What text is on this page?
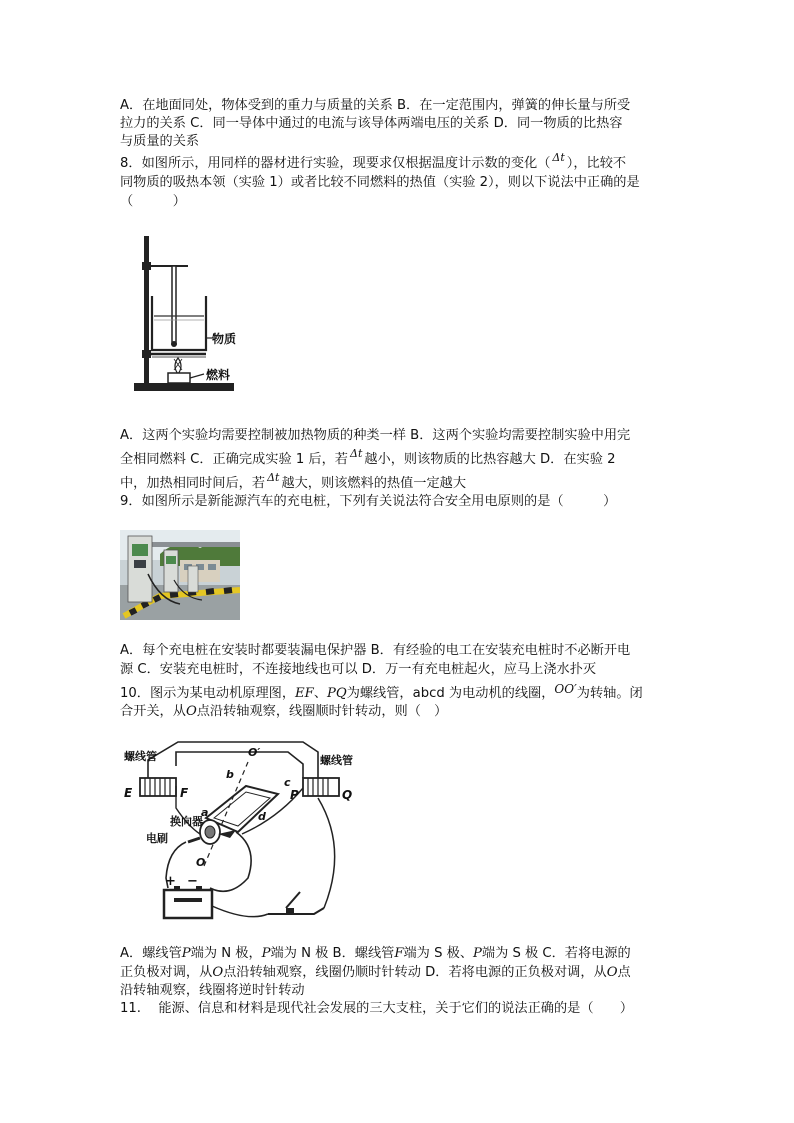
A．在地面同处，物体受到的重力与质量的关系 B．在一定范围内，弹簧的伸长量与所受
拉力的关系 C．同一导体中通过的电流与该导体两端电压的关系 D．同一物质的比热容
与质量的关系
8．如图所示，用同样的器材进行实验，现要求仅根据温度计示数的变化（ $^{\Delta t}$ ），比较不
同物质的吸热本领（实验 1）或者比较不同燃料的热值（实验 2），则以下说法中正确的是
（　　　）
物质
燃料
A．这两个实验均需要控制被加热物质的种类一样 B．这两个实验均需要控制实验中用完
全相同燃料 C．正确完成实验 1 后，若 $^{\Delta t}$ 越小，则该物质的比热容越大 D．在实验 2
中，加热相同时间后，若 $^{\Delta t}$ 越大，则该燃料的热值一定越大
9．如图所示是新能源汽车的充电桩，下列有关说法符合安全用电原则的是（　　　）
A．每个充电桩在安装时都要装漏电保护器 B．有经验的电工在安装充电桩时不必断开电
源 C．安装充电桩时，不连接地线也可以 D．万一有充电桩起火，应马上浇水扑灭
10．图示为某电动机原理图，EF、PQ为螺线管，abcd 为电动机的线圈，OO′为转轴。闭
合开关，从O点沿转轴观察，线圈顺时针转动，则（　）
螺线管	螺线管
E	F	P	Q
b
c
a	d
O′
O
换向器
电刷
+ −
A．螺线管P端为 N 极，P端为 N 极 B．螺线管F端为 S 极、P端为 S 极 C．若将电源的
正负极对调，从O点沿转轴观察，线圈仍顺时针转动 D．若将电源的正负极对调，从O点
沿转轴观察，线圈将逆时针转动
11.　 能源、信息和材料是现代社会发展的三大支柱，关于它们的说法正确的是（　　）
